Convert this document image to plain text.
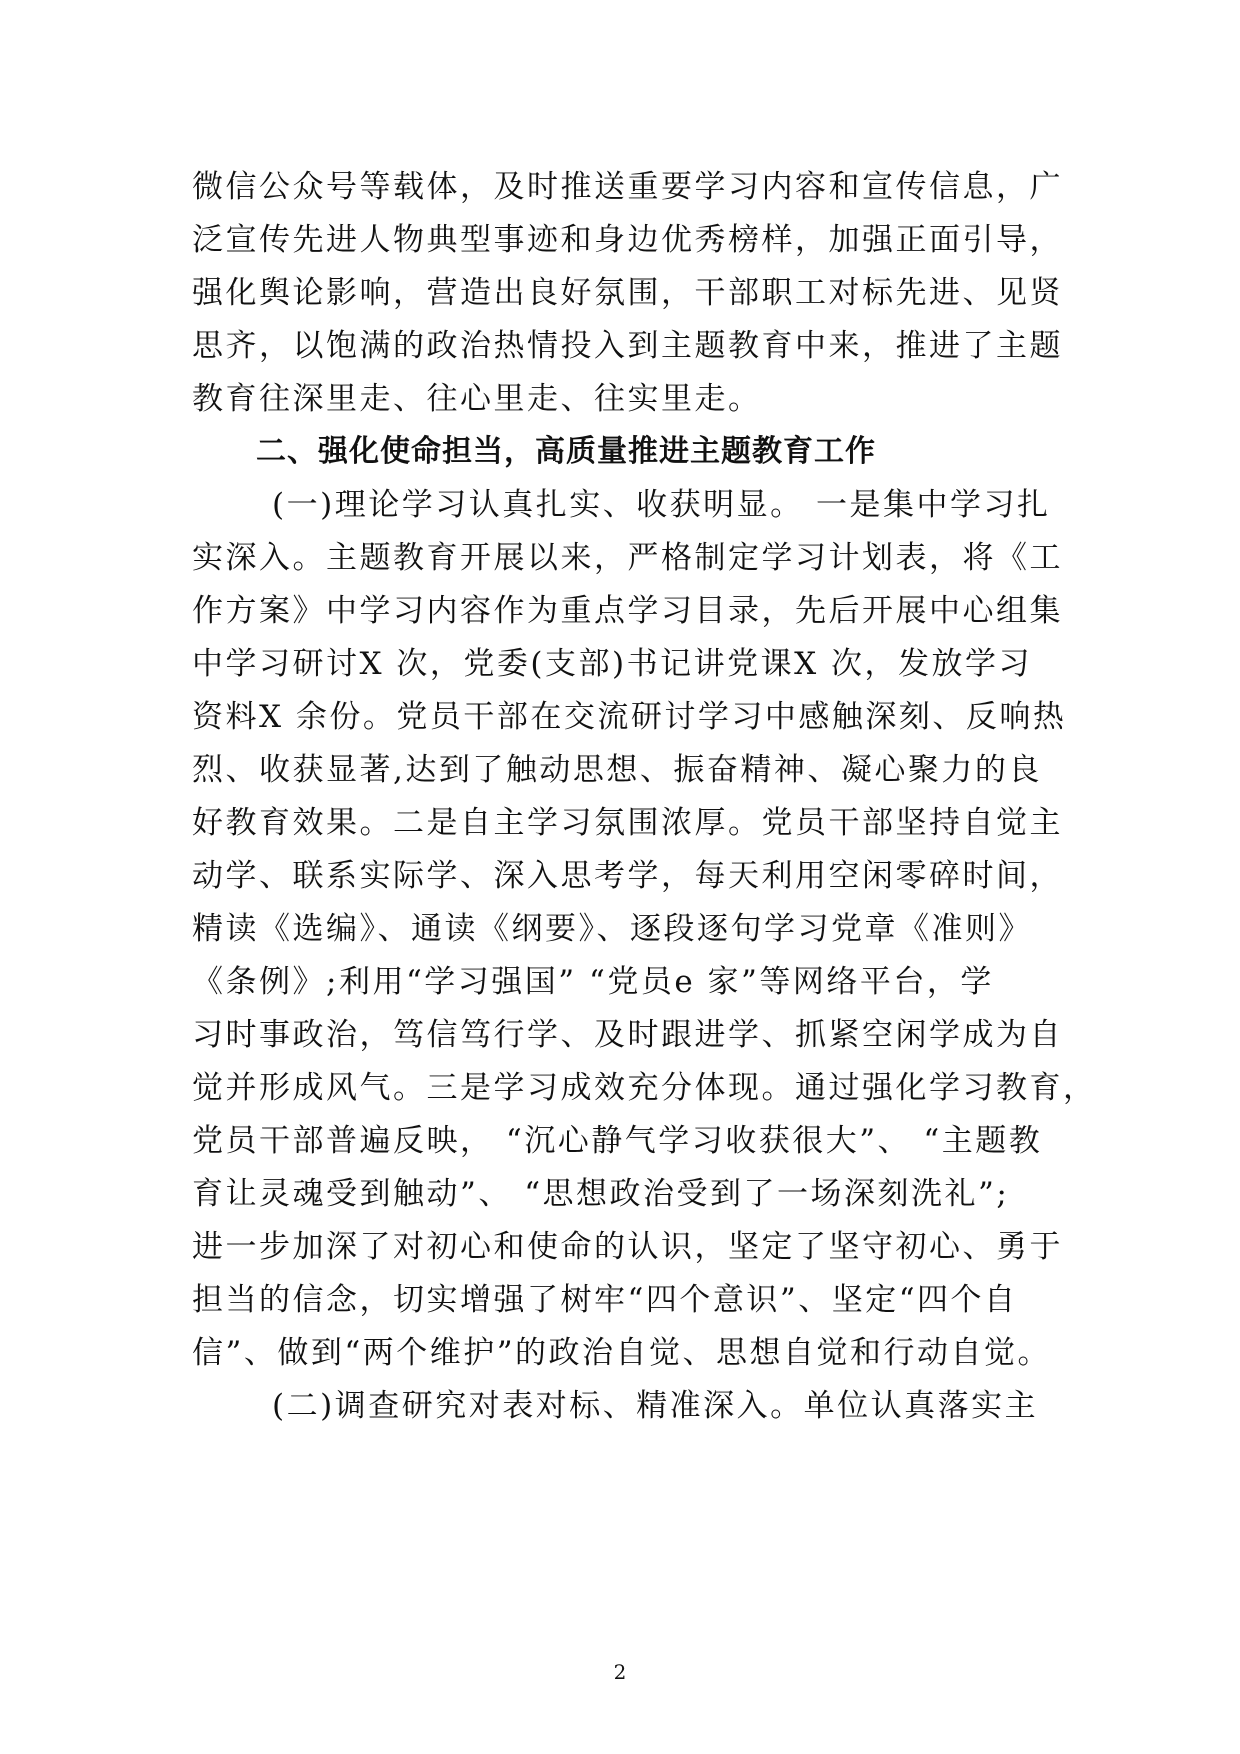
微信公众号等载体，及时推送重要学习内容和宣传信息，广
泛宣传先进人物典型事迹和身边优秀榜样，加强正面引导，
强化舆论影响，营造出良好氛围，干部职工对标先进、见贤
思齐，以饱满的政治热情投入到主题教育中来，推进了主题
教育往深里走、往心里走、往实里走。
二、强化使命担当，高质量推进主题教育工作
(一)理论学习认真扎实、收获明显。 一是集中学习扎
实深入。主题教育开展以来，严格制定学习计划表，将《工
作方案》中学习内容作为重点学习目录，先后开展中心组集
中学习研讨X 次，党委(支部)书记讲党课X 次，发放学习
资料X 余份。党员干部在交流研讨学习中感触深刻、反响热
烈、收获显著,达到了触动思想、振奋精神、凝心聚力的良
好教育效果。二是自主学习氛围浓厚。党员干部坚持自觉主
动学、联系实际学、深入思考学，每天利用空闲零碎时间，
精读《选编》、通读《纲要》、逐段逐句学习党章《准则》
《条例》;利用“学习强国” “党员e 家”等网络平台，学
习时事政治，笃信笃行学、及时跟进学、抓紧空闲学成为自
觉并形成风气。三是学习成效充分体现。通过强化学习教育，
党员干部普遍反映， “沉心静气学习收获很大”、 “主题教
育让灵魂受到触动”、 “思想政治受到了一场深刻洗礼”;
进一步加深了对初心和使命的认识，坚定了坚守初心、勇于
担当的信念，切实增强了树牢“四个意识”、坚定“四个自
信”、做到“两个维护”的政治自觉、思想自觉和行动自觉。
(二)调查研究对表对标、精准深入。单位认真落实主
2
